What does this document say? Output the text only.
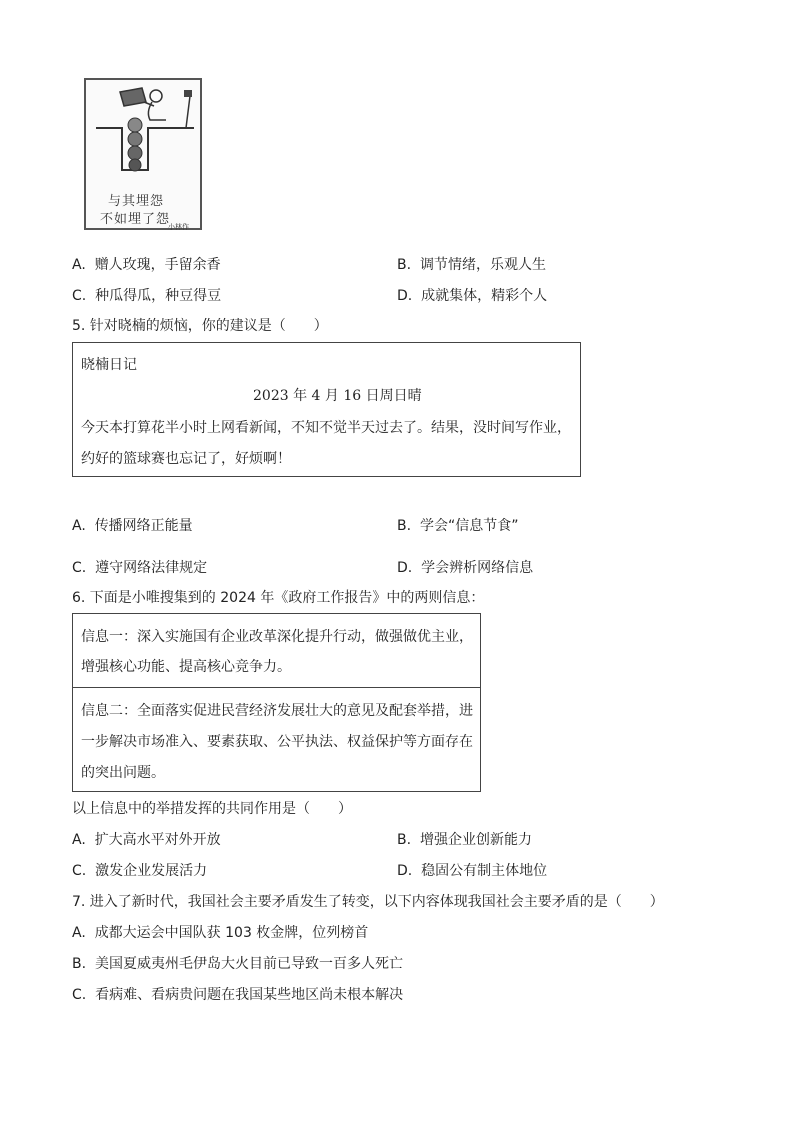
与其埋怨
不如埋了怨
小林作
A. 赠人玫瑰，手留余香	B. 调节情绪，乐观人生
C. 种瓜得瓜，种豆得豆	D. 成就集体，精彩个人
5. 针对晓楠的烦恼，你的建议是（　　）
晓楠日记
2023 年 4 月 16 日周日晴
今天本打算花半小时上网看新闻，不知不觉半天过去了。结果，没时间写作业，
约好的篮球赛也忘记了，好烦啊！
A. 传播网络正能量	B. 学会“信息节食”
C. 遵守网络法律规定	D. 学会辨析网络信息
6. 下面是小唯搜集到的 2024 年《政府工作报告》中的两则信息：
信息一：深入实施国有企业改革深化提升行动，做强做优主业，
增强核心功能、提高核心竞争力。
信息二：全面落实促进民营经济发展壮大的意见及配套举措，进
一步解决市场准入、要素获取、公平执法、权益保护等方面存在
的突出问题。
以上信息中的举措发挥的共同作用是（　　）
A. 扩大高水平对外开放	B. 增强企业创新能力
C. 激发企业发展活力	D. 稳固公有制主体地位
7. 进入了新时代，我国社会主要矛盾发生了转变，以下内容体现我国社会主要矛盾的是（　　）
A. 成都大运会中国队获 103 枚金牌，位列榜首
B. 美国夏威夷州毛伊岛大火目前已导致一百多人死亡
C. 看病难、看病贵问题在我国某些地区尚未根本解决
